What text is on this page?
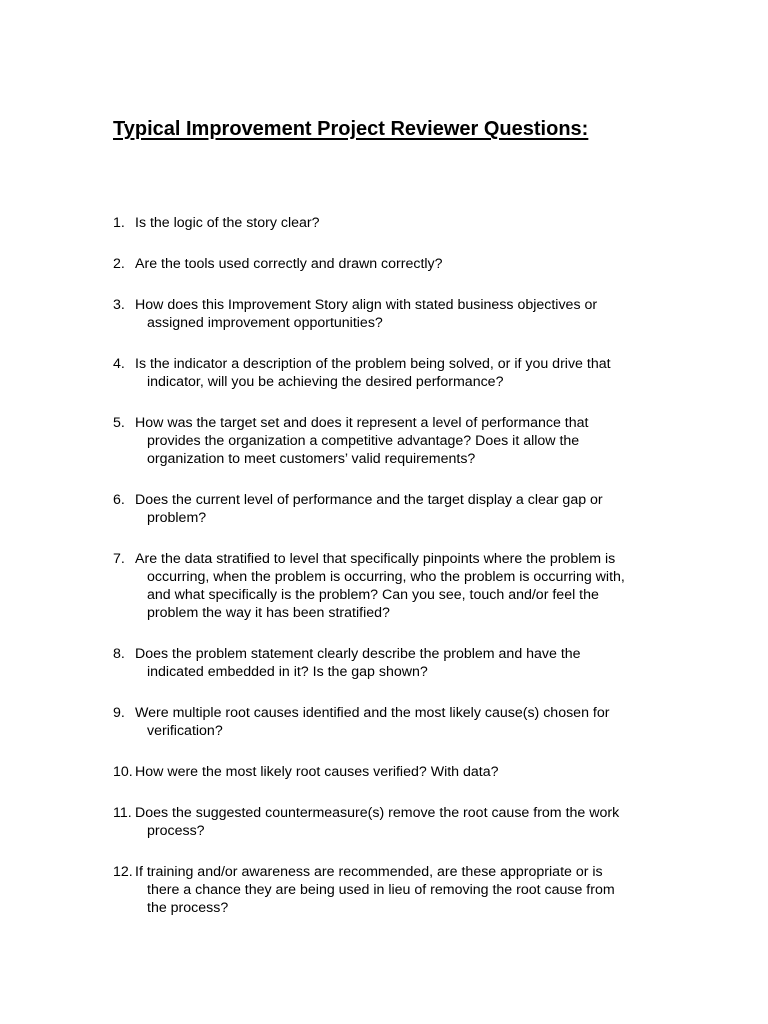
Typical Improvement Project Reviewer Questions:
1. Is the logic of the story clear?
2. Are the tools used correctly and drawn correctly?
3. How does this Improvement Story align with stated business objectives or
assigned improvement opportunities?
4. Is the indicator a description of the problem being solved, or if you drive that
indicator, will you be achieving the desired performance?
5. How was the target set and does it represent a level of performance that
provides the organization a competitive advantage? Does it allow the
organization to meet customers’ valid requirements?
6. Does the current level of performance and the target display a clear gap or
problem?
7. Are the data stratified to level that specifically pinpoints where the problem is
occurring, when the problem is occurring, who the problem is occurring with,
and what specifically is the problem? Can you see, touch and/or feel the
problem the way it has been stratified?
8. Does the problem statement clearly describe the problem and have the
indicated embedded in it? Is the gap shown?
9. Were multiple root causes identified and the most likely cause(s) chosen for
verification?
10. How were the most likely root causes verified? With data?
11. Does the suggested countermeasure(s) remove the root cause from the work
process?
12. If training and/or awareness are recommended, are these appropriate or is
there a chance they are being used in lieu of removing the root cause from
the process?
